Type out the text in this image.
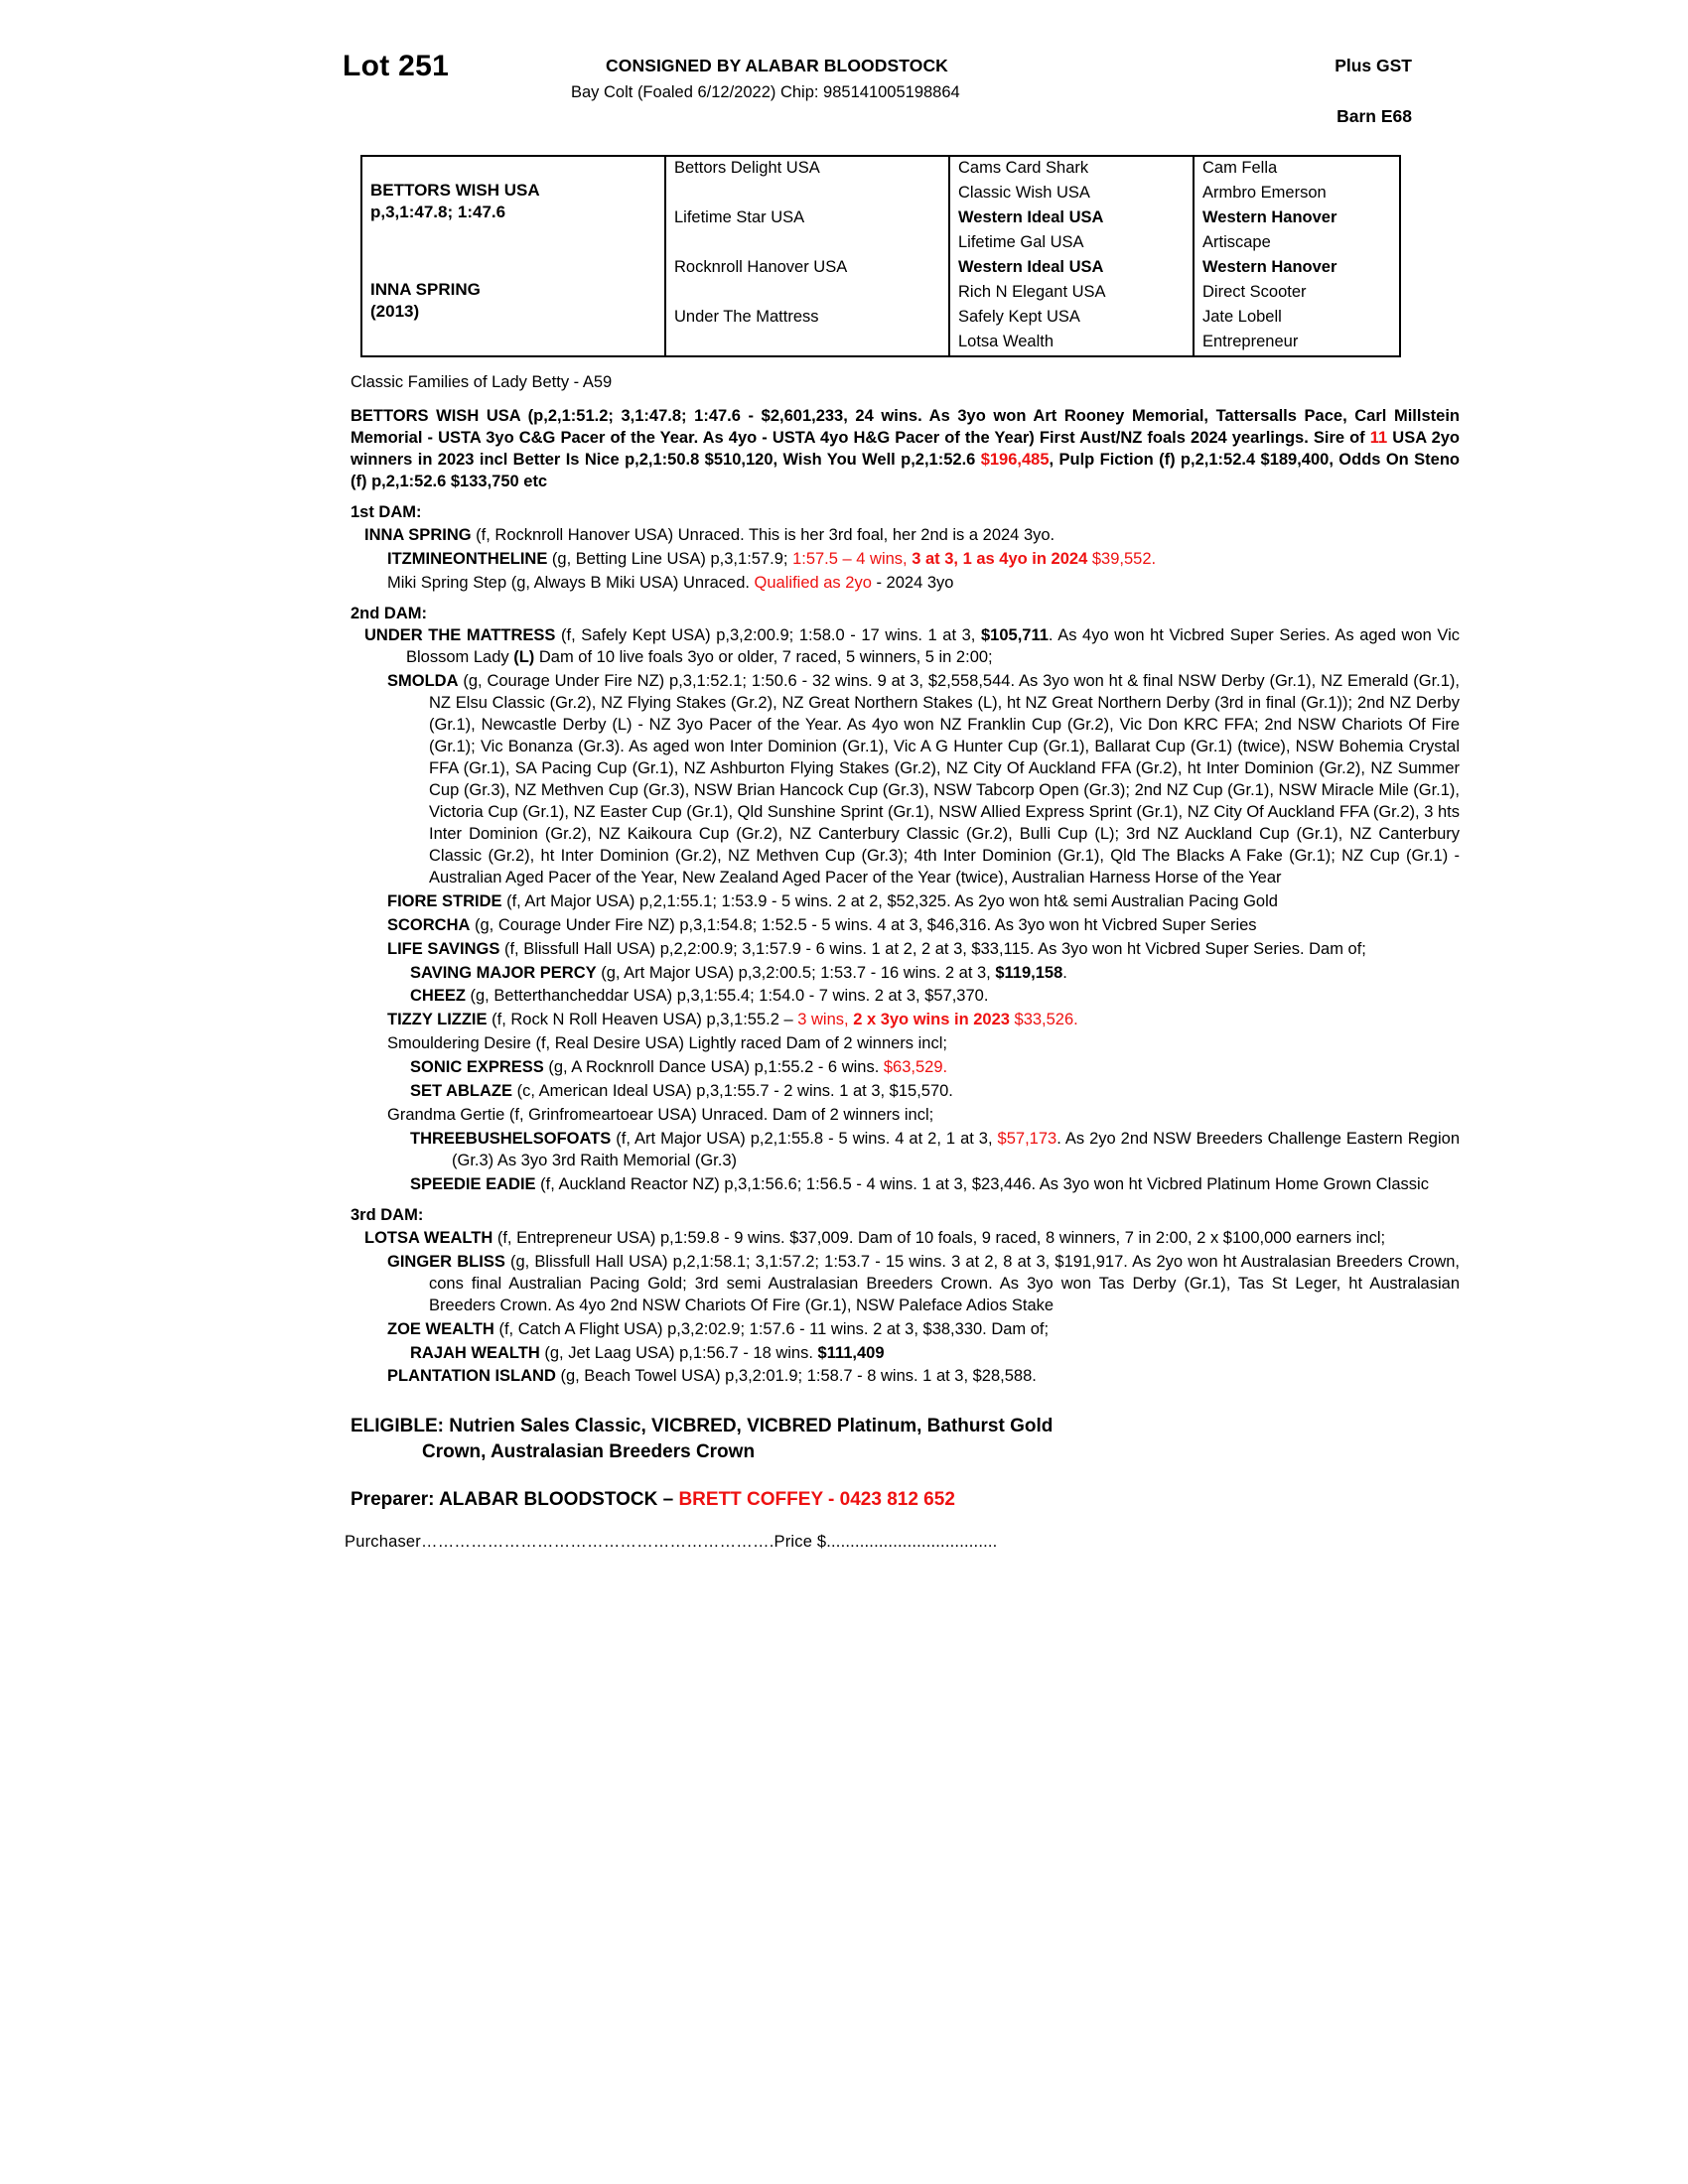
Lot 251	CONSIGNED BY ALABAR BLOODSTOCK	Plus GST
Bay Colt (Foaled 6/12/2022) Chip: 985141005198864
Barn E68
BETTORS WISH USA
p,3,1:47.8; 1:47.6	Bettors Delight USA	Cams Card Shark	Cam Fella
		Classic Wish USA	Armbro Emerson
	Lifetime Star USA	Western Ideal USA	Western Hanover
		Lifetime Gal USA	Artiscape

INNA SPRING
(2013)	Rocknroll Hanover USA	Western Ideal USA	Western Hanover
		Rich N Elegant USA	Direct Scooter
	Under The Mattress	Safely Kept USA	Jate Lobell
		Lotsa Wealth	Entrepreneur
Classic Families of Lady Betty - A59

BETTORS WISH USA (p,2,1:51.2; 3,1:47.8; 1:47.6 - $2,601,233, 24 wins. As 3yo won Art Rooney Memorial, Tattersalls Pace, Carl Millstein Memorial - USTA 3yo C&G Pacer of the Year. As 4yo - USTA 4yo H&G Pacer of the Year) First Aust/NZ foals 2024 yearlings. Sire of 11 USA 2yo winners in 2023 incl Better Is Nice p,2,1:50.8 $510,120, Wish You Well p,2,1:52.6 $196,485, Pulp Fiction (f) p,2,1:52.4 $189,400, Odds On Steno (f) p,2,1:52.6 $133,750 etc

1st DAM:

INNA SPRING (f, Rocknroll Hanover USA) Unraced. This is her 3rd foal, her 2nd is a 2024 3yo.

ITZMINEONTHELINE (g, Betting Line USA) p,3,1:57.9; 1:57.5 – 4 wins, 3 at 3, 1 as 4yo in 2024 $39,552.

Miki Spring Step (g, Always B Miki USA) Unraced. Qualified as 2yo - 2024 3yo

2nd DAM:

UNDER THE MATTRESS (f, Safely Kept USA) p,3,2:00.9; 1:58.0 - 17 wins. 1 at 3, $105,711. As 4yo won ht Vicbred Super Series. As aged won Vic Blossom Lady (L) Dam of 10 live foals 3yo or older, 7 raced, 5 winners, 5 in 2:00;

SMOLDA (g, Courage Under Fire NZ) p,3,1:52.1; 1:50.6 - 32 wins. 9 at 3, $2,558,544. As 3yo won ht & final NSW Derby (Gr.1), NZ Emerald (Gr.1), NZ Elsu Classic (Gr.2), NZ Flying Stakes (Gr.2), NZ Great Northern Stakes (L), ht NZ Great Northern Derby (3rd in final (Gr.1)); 2nd NZ Derby (Gr.1), Newcastle Derby (L) - NZ 3yo Pacer of the Year. As 4yo won NZ Franklin Cup (Gr.2), Vic Don KRC FFA; 2nd NSW Chariots Of Fire (Gr.1); Vic Bonanza (Gr.3). As aged won Inter Dominion (Gr.1), Vic A G Hunter Cup (Gr.1), Ballarat Cup (Gr.1) (twice), NSW Bohemia Crystal FFA (Gr.1), SA Pacing Cup (Gr.1), NZ Ashburton Flying Stakes (Gr.2), NZ City Of Auckland FFA (Gr.2), ht Inter Dominion (Gr.2), NZ Summer Cup (Gr.3), NZ Methven Cup (Gr.3), NSW Brian Hancock Cup (Gr.3), NSW Tabcorp Open (Gr.3); 2nd NZ Cup (Gr.1), NSW Miracle Mile (Gr.1), Victoria Cup (Gr.1), NZ Easter Cup (Gr.1), Qld Sunshine Sprint (Gr.1), NSW Allied Express Sprint (Gr.1), NZ City Of Auckland FFA (Gr.2), 3 hts Inter Dominion (Gr.2), NZ Kaikoura Cup (Gr.2), NZ Canterbury Classic (Gr.2), Bulli Cup (L); 3rd NZ Auckland Cup (Gr.1), NZ Canterbury Classic (Gr.2), ht Inter Dominion (Gr.2), NZ Methven Cup (Gr.3); 4th Inter Dominion (Gr.1), Qld The Blacks A Fake (Gr.1); NZ Cup (Gr.1) - Australian Aged Pacer of the Year, New Zealand Aged Pacer of the Year (twice), Australian Harness Horse of the Year

FIORE STRIDE (f, Art Major USA) p,2,1:55.1; 1:53.9 - 5 wins. 2 at 2, $52,325. As 2yo won ht& semi Australian Pacing Gold

SCORCHA (g, Courage Under Fire NZ) p,3,1:54.8; 1:52.5 - 5 wins. 4 at 3, $46,316. As 3yo won ht Vicbred Super Series

LIFE SAVINGS (f, Blissfull Hall USA) p,2,2:00.9; 3,1:57.9 - 6 wins. 1 at 2, 2 at 3, $33,115. As 3yo won ht Vicbred Super Series. Dam of;

SAVING MAJOR PERCY (g, Art Major USA) p,3,2:00.5; 1:53.7 - 16 wins. 2 at 3, $119,158.

CHEEZ (g, Betterthancheddar USA) p,3,1:55.4; 1:54.0 - 7 wins. 2 at 3, $57,370.

TIZZY LIZZIE (f, Rock N Roll Heaven USA) p,3,1:55.2 – 3 wins, 2 x 3yo wins in 2023 $33,526.

Smouldering Desire (f, Real Desire USA) Lightly raced Dam of 2 winners incl;

SONIC EXPRESS (g, A Rocknroll Dance USA) p,1:55.2 - 6 wins. $63,529.

SET ABLAZE (c, American Ideal USA) p,3,1:55.7 - 2 wins. 1 at 3, $15,570.

Grandma Gertie (f, Grinfromeartoear USA) Unraced. Dam of 2 winners incl;

THREEBUSHELSOFOATS (f, Art Major USA) p,2,1:55.8 - 5 wins. 4 at 2, 1 at 3, $57,173. As 2yo 2nd NSW Breeders Challenge Eastern Region (Gr.3) As 3yo 3rd Raith Memorial (Gr.3)

SPEEDIE EADIE (f, Auckland Reactor NZ) p,3,1:56.6; 1:56.5 - 4 wins. 1 at 3, $23,446. As 3yo won ht Vicbred Platinum Home Grown Classic

3rd DAM:

LOTSA WEALTH (f, Entrepreneur USA) p,1:59.8 - 9 wins. $37,009. Dam of 10 foals, 9 raced, 8 winners, 7 in 2:00, 2 x $100,000 earners incl;

GINGER BLISS (g, Blissfull Hall USA) p,2,1:58.1; 3,1:57.2; 1:53.7 - 15 wins. 3 at 2, 8 at 3, $191,917. As 2yo won ht Australasian Breeders Crown, cons final Australian Pacing Gold; 3rd semi Australasian Breeders Crown. As 3yo won Tas Derby (Gr.1), Tas St Leger, ht Australasian Breeders Crown. As 4yo 2nd NSW Chariots Of Fire (Gr.1), NSW Paleface Adios Stake

ZOE WEALTH (f, Catch A Flight USA) p,3,2:02.9; 1:57.6 - 11 wins. 2 at 3, $38,330. Dam of;

RAJAH WEALTH (g, Jet Laag USA) p,1:56.7 - 18 wins. $111,409

PLANTATION ISLAND (g, Beach Towel USA) p,3,2:01.9; 1:58.7 - 8 wins. 1 at 3, $28,588.

ELIGIBLE: Nutrien Sales Classic, VICBRED, VICBRED Platinum, Bathurst Gold
Crown, Australasian Breeders Crown
Preparer: ALABAR BLOODSTOCK – BRETT COFFEY - 0423 812 652
Purchaser……………………………………………………….Price $....................................
